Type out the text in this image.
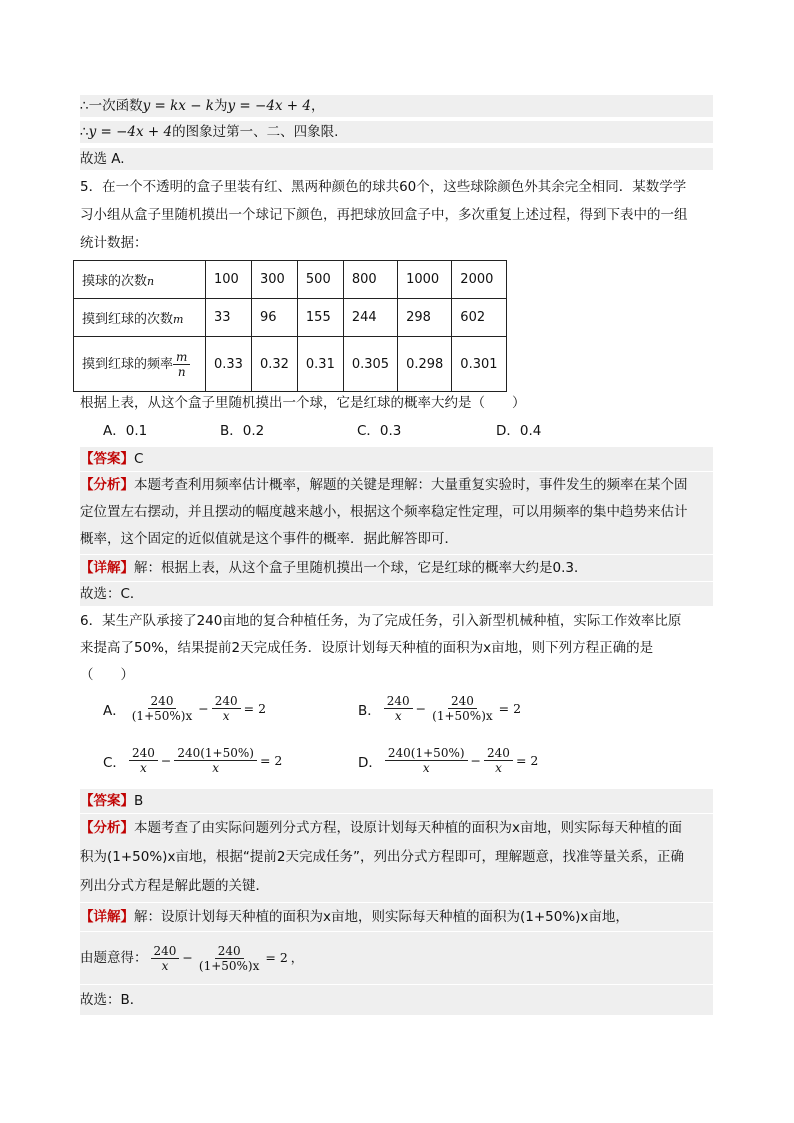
∴一次函数y = kx − k为y = −4x + 4，
∴y = −4x + 4的图象过第一、二、四象限.
故选 A.
5．在一个不透明的盒子里装有红、黑两种颜色的球共60个，这些球除颜色外其余完全相同．某数学学
习小组从盒子里随机摸出一个球记下颜色，再把球放回盒子中，多次重复上述过程，得到下表中的一组
统计数据：
摸球的次数n	100	300	500	800	1000	2000
摸到红球的次数m	33	96	155	244	298	602
摸到红球的频率 $\frac{m}{n}$	0.33	0.32	0.31	0.305	0.298	0.301
根据上表，从这个盒子里随机摸出一个球，它是红球的概率大约是（　　）
A．0.1	B．0.2	C．0.3	D．0.4
【答案】C
【分析】本题考查利用频率估计概率，解题的关键是理解：大量重复实验时，事件发生的频率在某个固
定位置左右摆动，并且摆动的幅度越来越小，根据这个频率稳定性定理，可以用频率的集中趋势来估计
概率，这个固定的近似值就是这个事件的概率．据此解答即可．
【详解】解：根据上表，从这个盒子里随机摸出一个球，它是红球的概率大约是0.3．
故选：C．
6．某生产队承接了240亩地的复合种植任务，为了完成任务，引入新型机械种植，实际工作效率比原
来提高了50%，结果提前2天完成任务．设原计划每天种植的面积为x亩地，则下列方程正确的是
（　　）
A． $\frac{240}{(1+50\%)x} - \frac{240}{x} = 2$	B． $\frac{240}{x} - \frac{240}{(1+50\%)x} = 2$
C． $\frac{240}{x} - \frac{240(1+50\%)}{x} = 2$	D． $\frac{240(1+50\%)}{x} - \frac{240}{x} = 2$
【答案】B
【分析】本题考查了由实际问题列分式方程，设原计划每天种植的面积为x亩地，则实际每天种植的面
积为(1+50%)x亩地，根据“提前2天完成任务”，列出分式方程即可，理解题意，找准等量关系，正确
列出分式方程是解此题的关键．
【详解】解：设原计划每天种植的面积为x亩地，则实际每天种植的面积为(1+50%)x亩地，
由题意得： $\frac{240}{x} - \frac{240}{(1+50\%)x} = 2$ ，
故选：B．
